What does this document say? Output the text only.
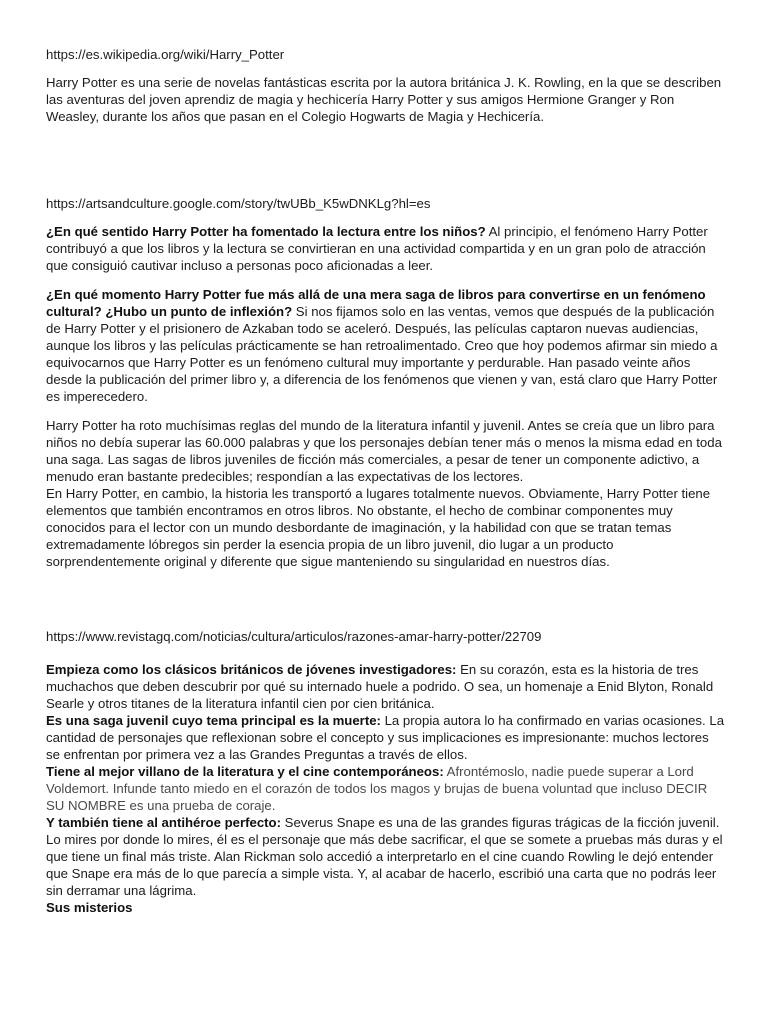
https://es.wikipedia.org/wiki/Harry_Potter

Harry Potter es una serie de novelas fantásticas escrita por la autora británica J. K. Rowling, en la que se describen las aventuras del joven aprendiz de magia y hechicería Harry Potter y sus amigos Hermione Granger y Ron Weasley, durante los años que pasan en el Colegio Hogwarts de Magia y Hechicería.

https://artsandculture.google.com/story/twUBb_K5wDNKLg?hl=es

¿En qué sentido Harry Potter ha fomentado la lectura entre los niños? Al principio, el fenómeno Harry Potter contribuyó a que los libros y la lectura se convirtieran en una actividad compartida y en un gran polo de atracción que consiguió cautivar incluso a personas poco aficionadas a leer.

¿En qué momento Harry Potter fue más allá de una mera saga de libros para convertirse en un fenómeno cultural? ¿Hubo un punto de inflexión? Si nos fijamos solo en las ventas, vemos que después de la publicación de Harry Potter y el prisionero de Azkaban todo se aceleró. Después, las películas captaron nuevas audiencias, aunque los libros y las películas prácticamente se han retroalimentado. Creo que hoy podemos afirmar sin miedo a equivocarnos que Harry Potter es un fenómeno cultural muy importante y perdurable. Han pasado veinte años desde la publicación del primer libro y, a diferencia de los fenómenos que vienen y van, está claro que Harry Potter es imperecedero.

Harry Potter ha roto muchísimas reglas del mundo de la literatura infantil y juvenil. Antes se creía que un libro para niños no debía superar las 60.000 palabras y que los personajes debían tener más o menos la misma edad en toda una saga. Las sagas de libros juveniles de ficción más comerciales, a pesar de tener un componente adictivo, a menudo eran bastante predecibles; respondían a las expectativas de los lectores.
En Harry Potter, en cambio, la historia les transportó a lugares totalmente nuevos. Obviamente, Harry Potter tiene elementos que también encontramos en otros libros. No obstante, el hecho de combinar componentes muy conocidos para el lector con un mundo desbordante de imaginación, y la habilidad con que se tratan temas extremadamente lóbregos sin perder la esencia propia de un libro juvenil, dio lugar a un producto sorprendentemente original y diferente que sigue manteniendo su singularidad en nuestros días.

https://www.revistagq.com/noticias/cultura/articulos/razones-amar-harry-potter/22709

Empieza como los clásicos británicos de jóvenes investigadores: En su corazón, esta es la historia de tres muchachos que deben descubrir por qué su internado huele a podrido. O sea, un homenaje a Enid Blyton, Ronald Searle y otros titanes de la literatura infantil cien por cien británica.
Es una saga juvenil cuyo tema principal es la muerte: La propia autora lo ha confirmado en varias ocasiones. La cantidad de personajes que reflexionan sobre el concepto y sus implicaciones es impresionante: muchos lectores se enfrentan por primera vez a las Grandes Preguntas a través de ellos.
Tiene al mejor villano de la literatura y el cine contemporáneos: Afrontémoslo, nadie puede superar a Lord Voldemort. Infunde tanto miedo en el corazón de todos los magos y brujas de buena voluntad que incluso DECIR SU NOMBRE es una prueba de coraje.
Y también tiene al antihéroe perfecto: Severus Snape es una de las grandes figuras trágicas de la ficción juvenil. Lo mires por donde lo mires, él es el personaje que más debe sacrificar, el que se somete a pruebas más duras y el que tiene un final más triste. Alan Rickman solo accedió a interpretarlo en el cine cuando Rowling le dejó entender que Snape era más de lo que parecía a simple vista. Y, al acabar de hacerlo, escribió una carta que no podrás leer sin derramar una lágrima.
Sus misterios
